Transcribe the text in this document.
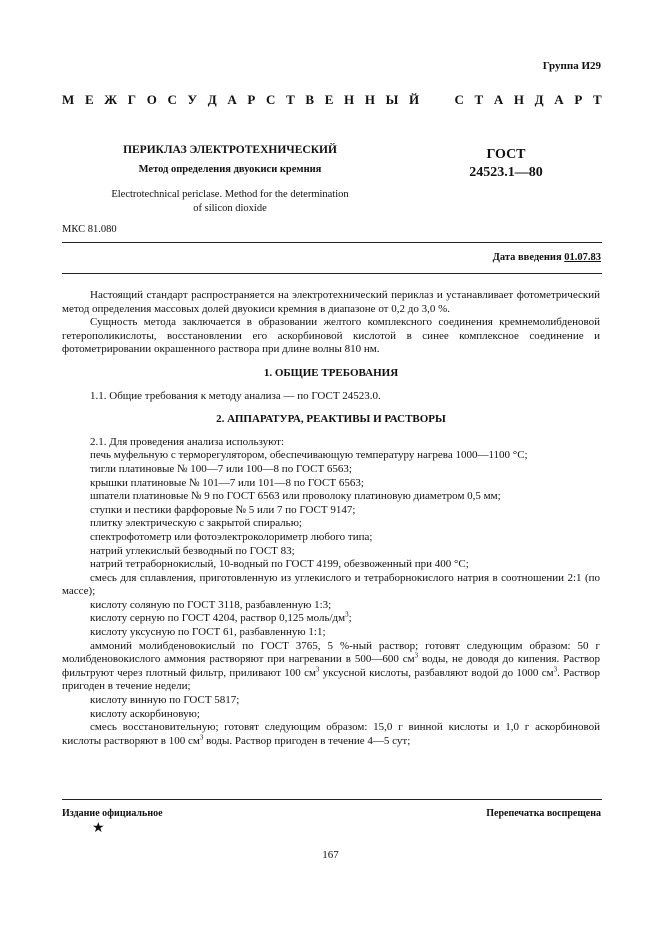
Группа И29
М Е Ж Г О С У Д А Р С Т В Е Н Н Ы Й	С Т А Н Д А Р Т
ПЕРИКЛАЗ ЭЛЕКТРОТЕХНИЧЕСКИЙ
Метод определения двуокиси кремния
Electrotechnical periclase. Method for the determination
of silicon dioxide
ГОСТ
24523.1—80
МКС 81.080
Дата введения 01.07.83

Настоящий стандарт распространяется на электротехнический периклаз и устанавливает фотометрический метод определения массовых долей двуокиси кремния в диапазоне от 0,2 до 3,0 %.

Сущность метода заключается в образовании желтого комплексного соединения кремнемолибденовой гетерополикислоты, восстановлении его аскорбиновой кислотой в синее комплексное соединение и фотометрировании окрашенного раствора при длине волны 810 нм.

1. ОБЩИЕ ТРЕБОВАНИЯ

1.1. Общие требования к методу анализа — по ГОСТ 24523.0.

2. АППАРАТУРА, РЕАКТИВЫ И РАСТВОРЫ

2.1. Для проведения анализа используют:

печь муфельную с терморегулятором, обеспечивающую температуру нагрева 1000—1100 °С;

тигли платиновые № 100—7 или 100—8 по ГОСТ 6563;

крышки платиновые № 101—7 или 101—8 по ГОСТ 6563;

шпатели платиновые № 9 по ГОСТ 6563 или проволоку платиновую диаметром 0,5 мм;

ступки и пестики фарфоровые № 5 или 7 по ГОСТ 9147;

плитку электрическую с закрытой спиралью;

спектрофотометр или фотоэлектроколориметр любого типа;

натрий углекислый безводный по ГОСТ 83;

натрий тетраборнокислый, 10-водный по ГОСТ 4199, обезвоженный при 400 °С;

смесь для сплавления, приготовленную из углекислого и тетраборнокислого натрия в соотношении 2:1 (по массе);

кислоту соляную по ГОСТ 3118, разбавленную 1:3;

кислоту серную по ГОСТ 4204, раствор 0,125 моль/$дм^3$;

кислоту уксусную по ГОСТ 61, разбавленную 1:1;

аммоний молибденовокислый по ГОСТ 3765, 5 %-ный раствор; готовят следующим образом: 50 г молибденовокислого аммония растворяют при нагревании в 500—600 $см^3$ воды, не доводя до кипения. Раствор фильтруют через плотный фильтр, приливают 100 $см^3$ уксусной кислоты, разбавляют водой до 1000 $см^3$. Раствор пригоден в течение недели;

кислоту винную по ГОСТ 5817;

кислоту аскорбиновую;

смесь восстановительную; готовят следующим образом: 15,0 г винной кислоты и 1,0 г аскорбиновой кислоты растворяют в 100 $см^3$ воды. Раствор пригоден в течение 4—5 сут;

Издание официальное	Перепечатка воспрещена
★
167
